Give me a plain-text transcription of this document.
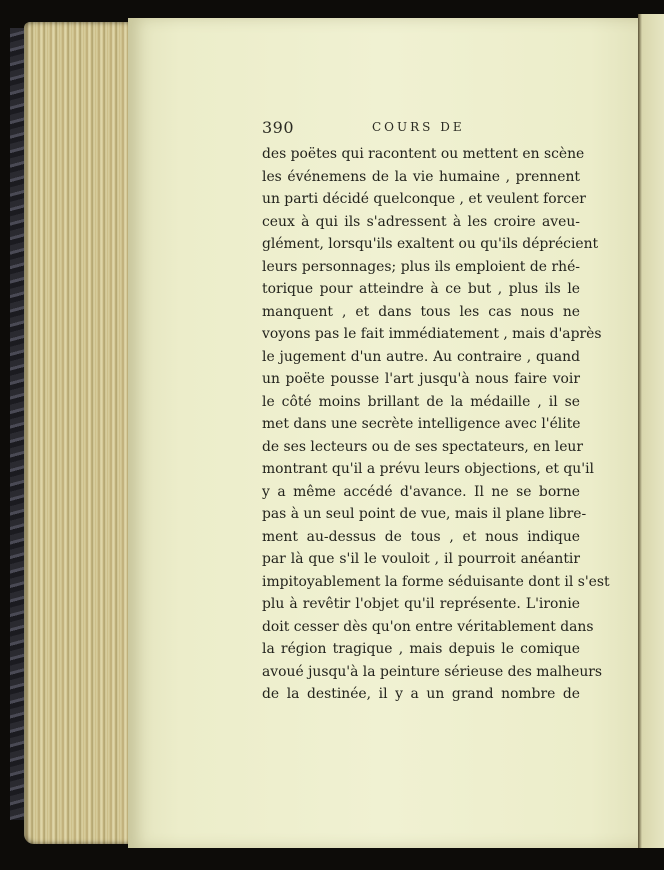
390	COURS DE
des poëtes qui racontent ou mettent en scène
les événemens de la vie humaine , prennent
un parti décidé quelconque , et veulent forcer
ceux à qui ils s'adressent à les croire aveu-
glément, lorsqu'ils exaltent ou qu'ils déprécient
leurs personnages; plus ils emploient de rhé-
torique pour atteindre à ce but , plus ils le
manquent , et dans tous les cas nous ne
voyons pas le fait immédiatement , mais d'après
le jugement d'un autre. Au contraire , quand
un poëte pousse l'art jusqu'à nous faire voir
le côté moins brillant de la médaille , il se
met dans une secrète intelligence avec l'élite
de ses lecteurs ou de ses spectateurs, en leur
montrant qu'il a prévu leurs objections, et qu'il
y a même accédé d'avance. Il ne se borne
pas à un seul point de vue, mais il plane libre-
ment au-dessus de tous , et nous indique
par là que s'il le vouloit , il pourroit anéantir
impitoyablement la forme séduisante dont il s'est
plu à revêtir l'objet qu'il représente. L'ironie
doit cesser dès qu'on entre véritablement dans
la région tragique , mais depuis le comique
avoué jusqu'à la peinture sérieuse des malheurs
de la destinée, il y a un grand nombre de
